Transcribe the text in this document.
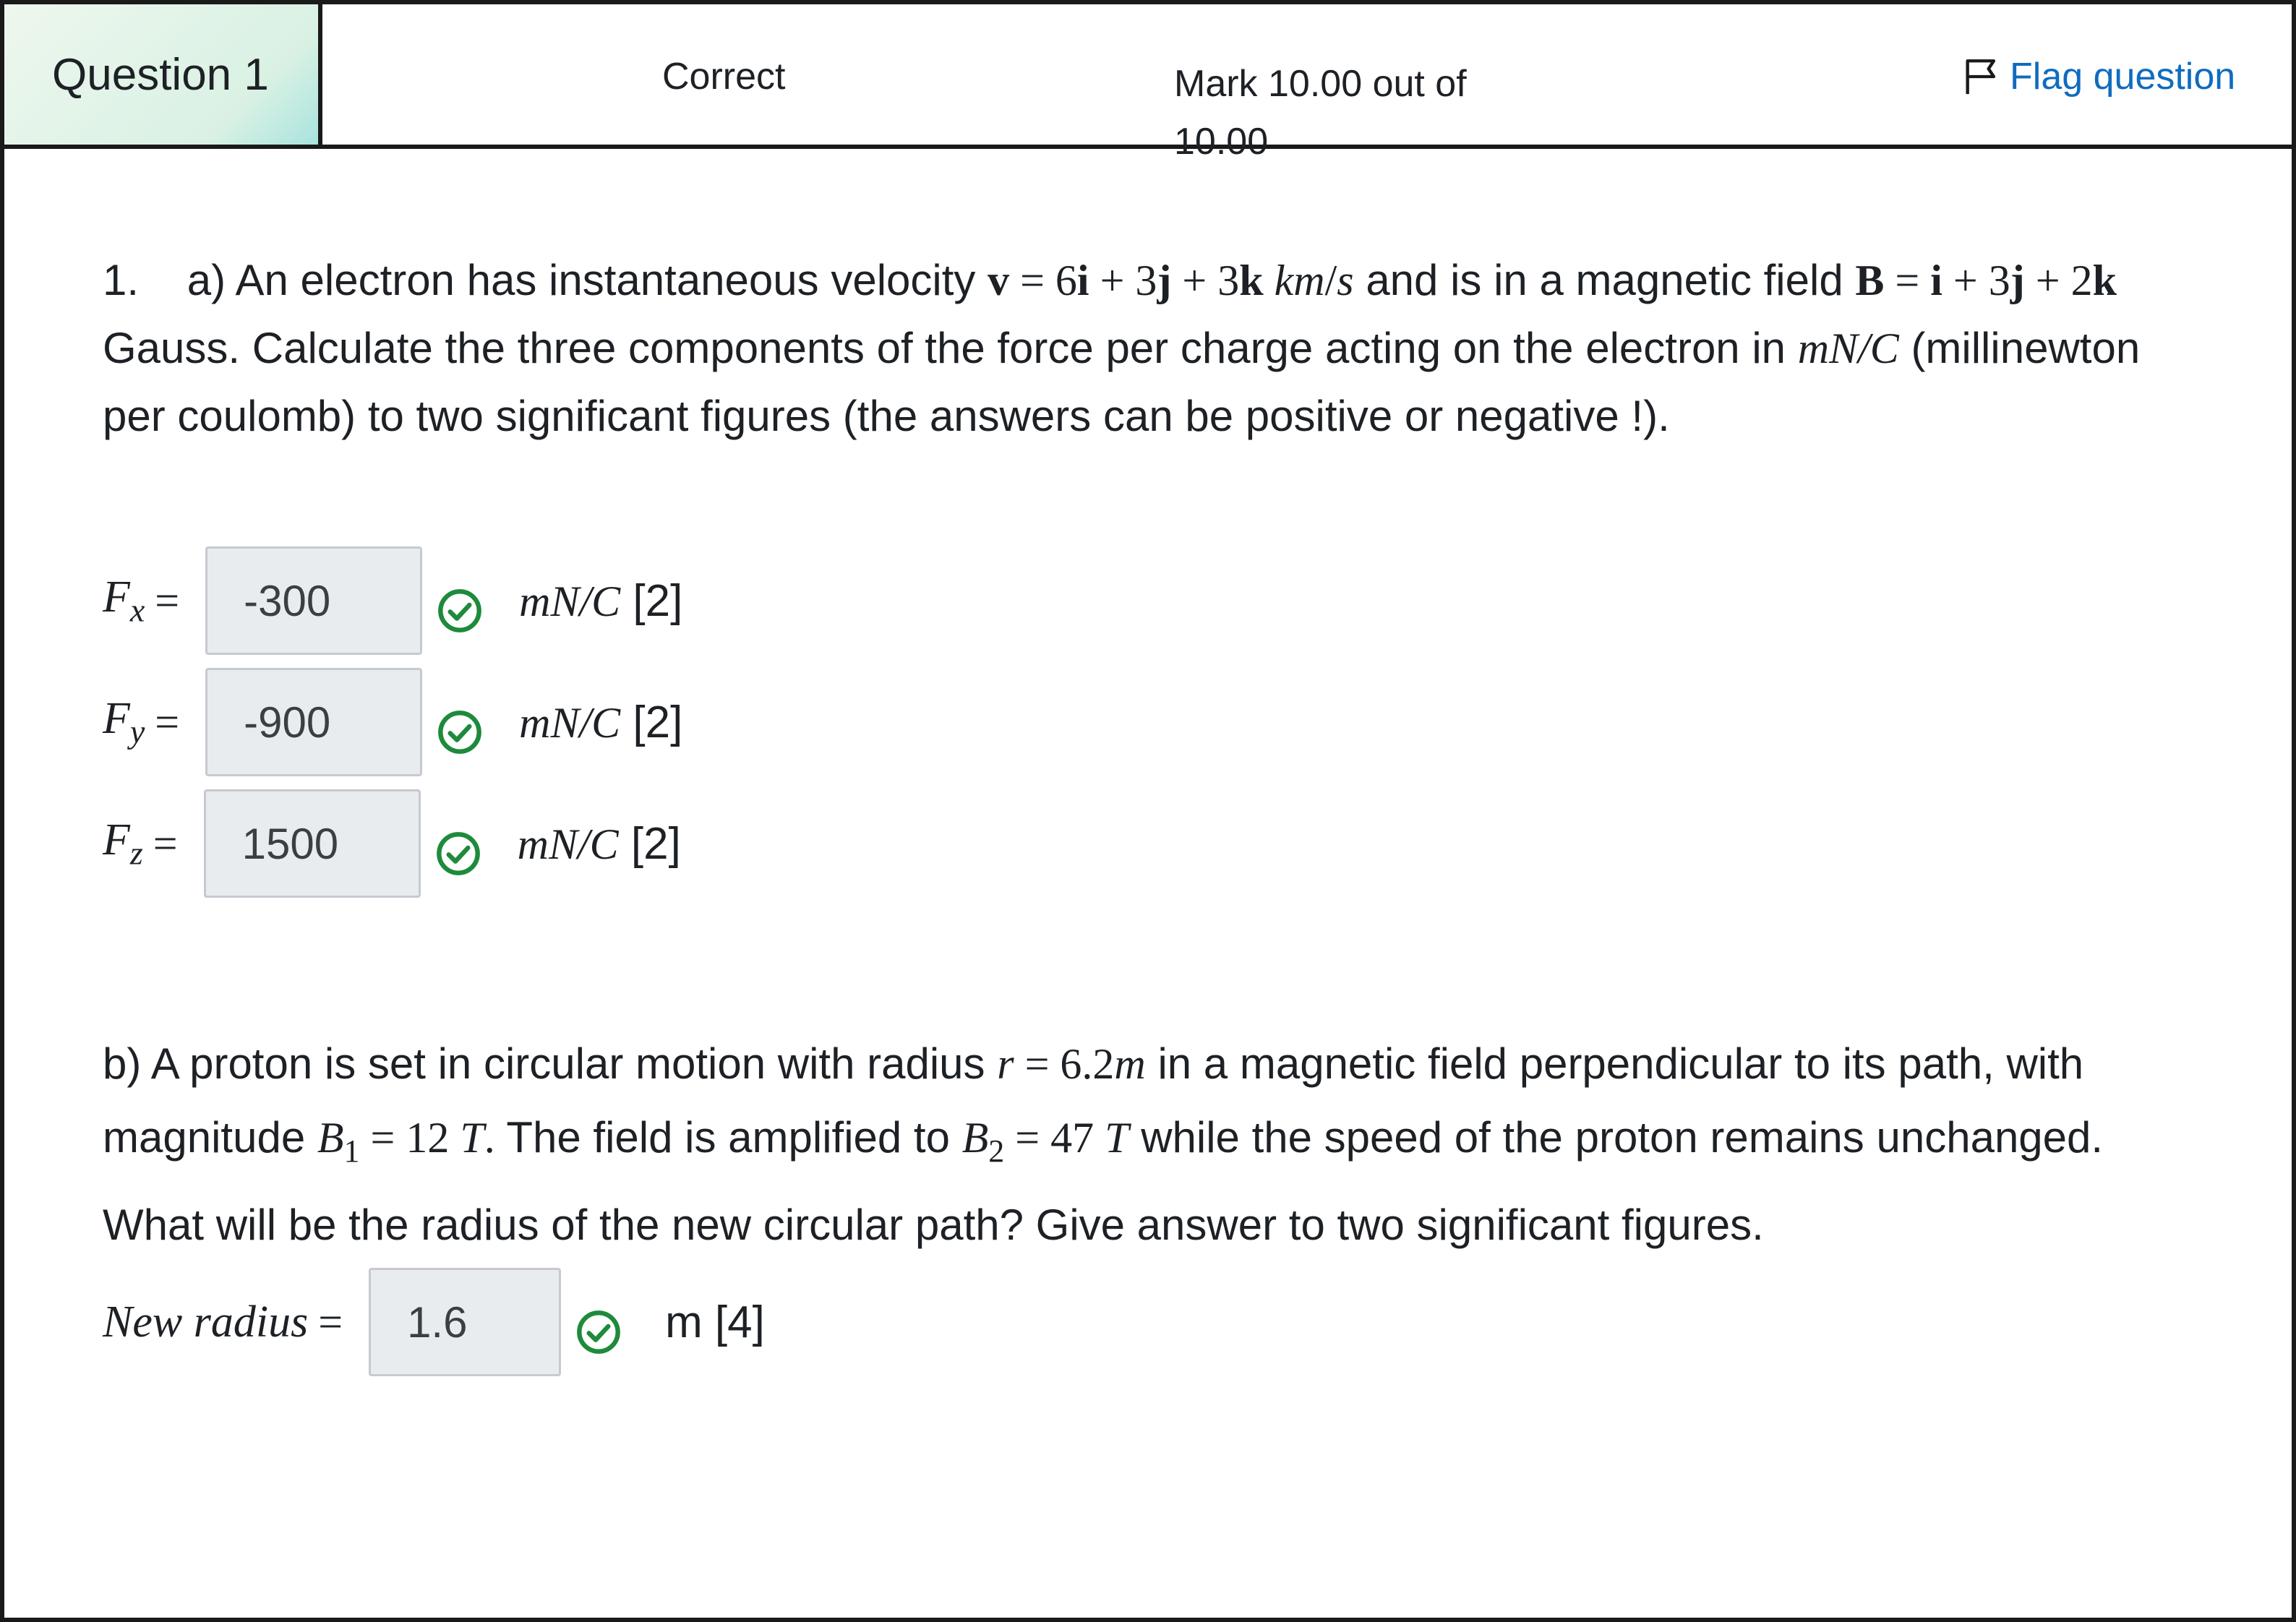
Question 1	Correct	Mark 10.00 out of 10.00
Flag question
1. a) An electron has instantaneous velocity v = 6i + 3j + 3k km/s and is in a magnetic field B = i + 3j + 2k Gauss. Calculate the three components of the force per charge acting on the electron in mN/C (millinewton per coulomb) to two significant figures (the answers can be positive or negative !).
$F_x$ =	-300	mN/C [2]
$F_y$ =	-900	mN/C [2]
$F_z$ =	1500	mN/C [2]
b) A proton is set in circular motion with radius r = 6.2m in a magnetic field perpendicular to its path, with magnitude $B_1 = 12$ T. The field is amplified to $B_2 = 47$ T while the speed of the proton remains unchanged. What will be the radius of the new circular path? Give answer to two significant figures.
New radius =	1.6	m [4]
